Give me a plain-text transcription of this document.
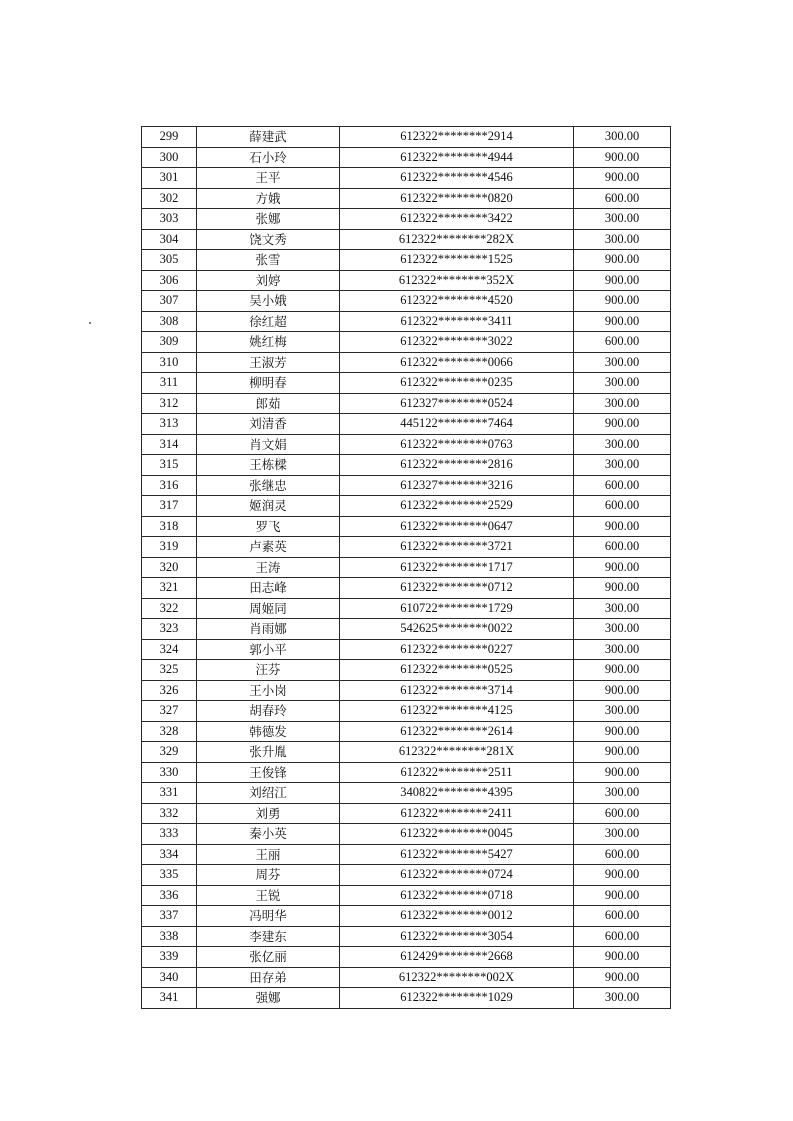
299	薛建武	612322********2914	300.00
300	石小玲	612322********4944	900.00
301	王平	612322********4546	900.00
302	方娥	612322********0820	600.00
303	张娜	612322********3422	300.00
304	饶文秀	612322********282X	300.00
305	张雪	612322********1525	900.00
306	刘婷	612322********352X	900.00
307	吴小娥	612322********4520	900.00
308	徐红超	612322********3411	900.00
309	姚红梅	612322********3022	600.00
310	王淑芳	612322********0066	300.00
311	柳明春	612322********0235	300.00
312	郎茹	612327********0524	300.00
313	刘清香	445122********7464	900.00
314	肖文娟	612322********0763	300.00
315	王栋樑	612322********2816	300.00
316	张继忠	612327********3216	600.00
317	姬润灵	612322********2529	600.00
318	罗飞	612322********0647	900.00
319	卢素英	612322********3721	600.00
320	王涛	612322********1717	900.00
321	田志峰	612322********0712	900.00
322	周姬同	610722********1729	300.00
323	肖雨娜	542625********0022	300.00
324	郭小平	612322********0227	300.00
325	汪芬	612322********0525	900.00
326	王小岗	612322********3714	900.00
327	胡春玲	612322********4125	300.00
328	韩德发	612322********2614	900.00
329	张升胤	612322********281X	900.00
330	王俊锋	612322********2511	900.00
331	刘绍江	340822********4395	300.00
332	刘勇	612322********2411	600.00
333	秦小英	612322********0045	300.00
334	王丽	612322********5427	600.00
335	周芬	612322********0724	900.00
336	王锐	612322********0718	900.00
337	冯明华	612322********0012	600.00
338	李建东	612322********3054	600.00
339	张亿丽	612429********2668	900.00
340	田存弟	612322********002X	900.00
341	强娜	612322********1029	300.00
